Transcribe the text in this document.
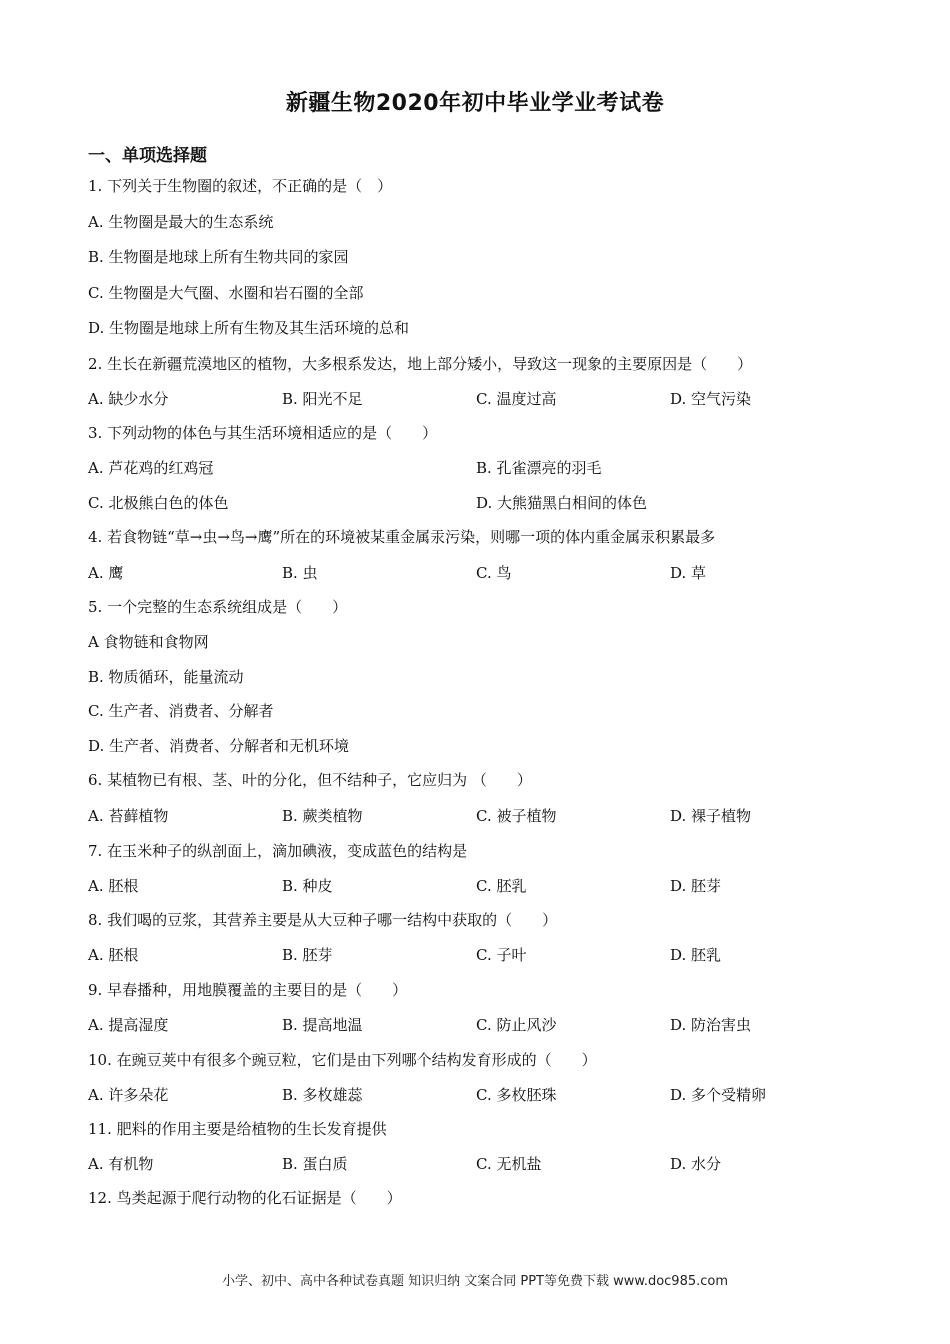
新疆生物2020年初中毕业学业考试卷
一、单项选择题
1. 下列关于生物圈的叙述，不正确的是（　）
A. 生物圈是最大的生态系统
B. 生物圈是地球上所有生物共同的家园
C. 生物圈是大气圈、水圈和岩石圈的全部
D. 生物圈是地球上所有生物及其生活环境的总和
2. 生长在新疆荒漠地区的植物，大多根系发达，地上部分矮小，导致这一现象的主要原因是（　　）
A. 缺少水分	B. 阳光不足	C. 温度过高	D. 空气污染
3. 下列动物的体色与其生活环境相适应的是（　　）
A. 芦花鸡的红鸡冠	B. 孔雀漂亮的羽毛
C. 北极熊白色的体色	D. 大熊猫黑白相间的体色
4. 若食物链“草→虫→鸟→鹰”所在的环境被某重金属汞污染，则哪一项的体内重金属汞积累最多
A. 鹰	B. 虫	C. 鸟	D. 草
5. 一个完整的生态系统组成是（　　）
A 食物链和食物网
B. 物质循环，能量流动
C. 生产者、消费者、分解者
D. 生产者、消费者、分解者和无机环境
6. 某植物已有根、茎、叶的分化，但不结种子，它应归为 （　　）
A. 苔藓植物	B. 蕨类植物	C. 被子植物	D. 裸子植物
7. 在玉米种子的纵剖面上，滴加碘液，变成蓝色的结构是
A. 胚根	B. 种皮	C. 胚乳	D. 胚芽
8. 我们喝的豆浆，其营养主要是从大豆种子哪一结构中获取的（　　）
A. 胚根	B. 胚芽	C. 子叶	D. 胚乳
9. 早春播种，用地膜覆盖的主要目的是（　　）
A. 提高湿度	B. 提高地温	C. 防止风沙	D. 防治害虫
10. 在豌豆荚中有很多个豌豆粒，它们是由下列哪个结构发育形成的（　　）
A. 许多朵花	B. 多枚雄蕊	C. 多枚胚珠	D. 多个受精卵
11. 肥料的作用主要是给植物的生长发育提供
A. 有机物	B. 蛋白质	C. 无机盐	D. 水分
12. 鸟类起源于爬行动物的化石证据是（　　）
小学、初中、高中各种试卷真题 知识归纳 文案合同 PPT等免费下载 www.doc985.com
